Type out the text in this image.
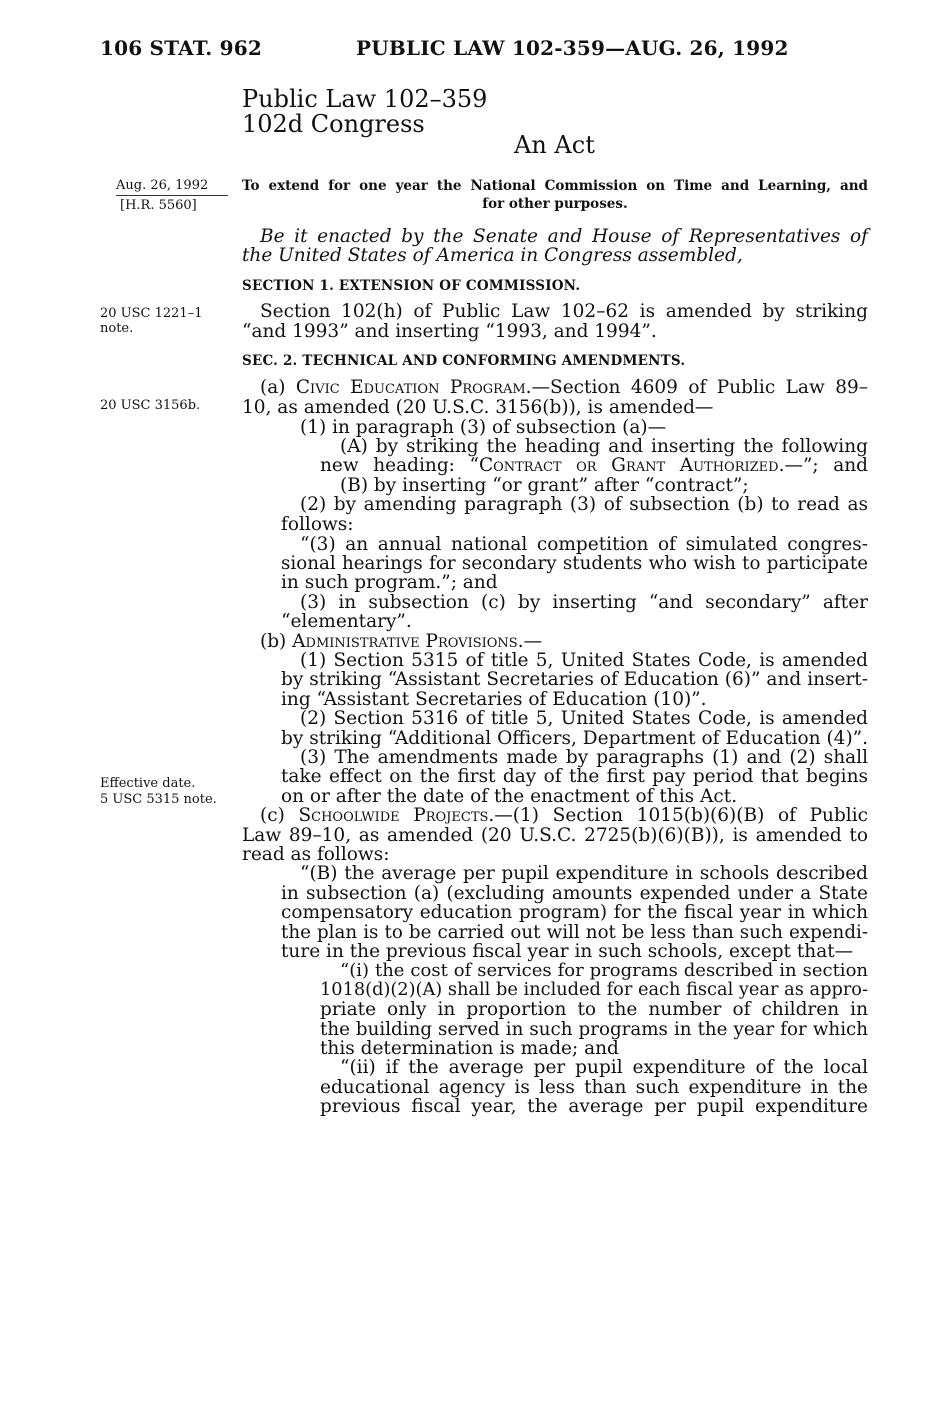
106 STAT. 962	PUBLIC LAW 102-359—AUG. 26, 1992
Public Law 102–359
102d Congress
An Act
Aug. 26, 1992
[H.R. 5560]
20 USC 1221–1
note.
20 USC 3156b.
Effective date.
5 USC 5315 note.
To extend for one year the National Commission on Time and Learning, and
for other purposes.
Be it enacted by the Senate and House of Representatives of
the United States of America in Congress assembled,
SECTION 1. EXTENSION OF COMMISSION.
Section 102(h) of Public Law 102–62 is amended by striking
“and 1993” and inserting “1993, and 1994”.
SEC. 2. TECHNICAL AND CONFORMING AMENDMENTS.
(a) Civic Education Program.—Section 4609 of Public Law 89–
10, as amended (20 U.S.C. 3156(b)), is amended—
(1) in paragraph (3) of subsection (a)—
(A) by striking the heading and inserting the following
new heading: “Contract or Grant Authorized.—”; and
(B) by inserting “or grant” after “contract”;
(2) by amending paragraph (3) of subsection (b) to read as
follows:
“(3) an annual national competition of simulated congres-
sional hearings for secondary students who wish to participate
in such program.”; and
(3) in subsection (c) by inserting “and secondary” after
“elementary”.
(b) Administrative Provisions.—
(1) Section 5315 of title 5, United States Code, is amended
by striking “Assistant Secretaries of Education (6)” and insert-
ing “Assistant Secretaries of Education (10)”.
(2) Section 5316 of title 5, United States Code, is amended
by striking “Additional Officers, Department of Education (4)”.
(3) The amendments made by paragraphs (1) and (2) shall
take effect on the first day of the first pay period that begins
on or after the date of the enactment of this Act.
(c) Schoolwide Projects.—(1) Section 1015(b)(6)(B) of Public
Law 89–10, as amended (20 U.S.C. 2725(b)(6)(B)), is amended to
read as follows:
“(B) the average per pupil expenditure in schools described
in subsection (a) (excluding amounts expended under a State
compensatory education program) for the fiscal year in which
the plan is to be carried out will not be less than such expendi-
ture in the previous fiscal year in such schools, except that—
“(i) the cost of services for programs described in section
1018(d)(2)(A) shall be included for each fiscal year as appro-
priate only in proportion to the number of children in
the building served in such programs in the year for which
this determination is made; and
“(ii) if the average per pupil expenditure of the local
educational agency is less than such expenditure in the
previous fiscal year, the average per pupil expenditure
